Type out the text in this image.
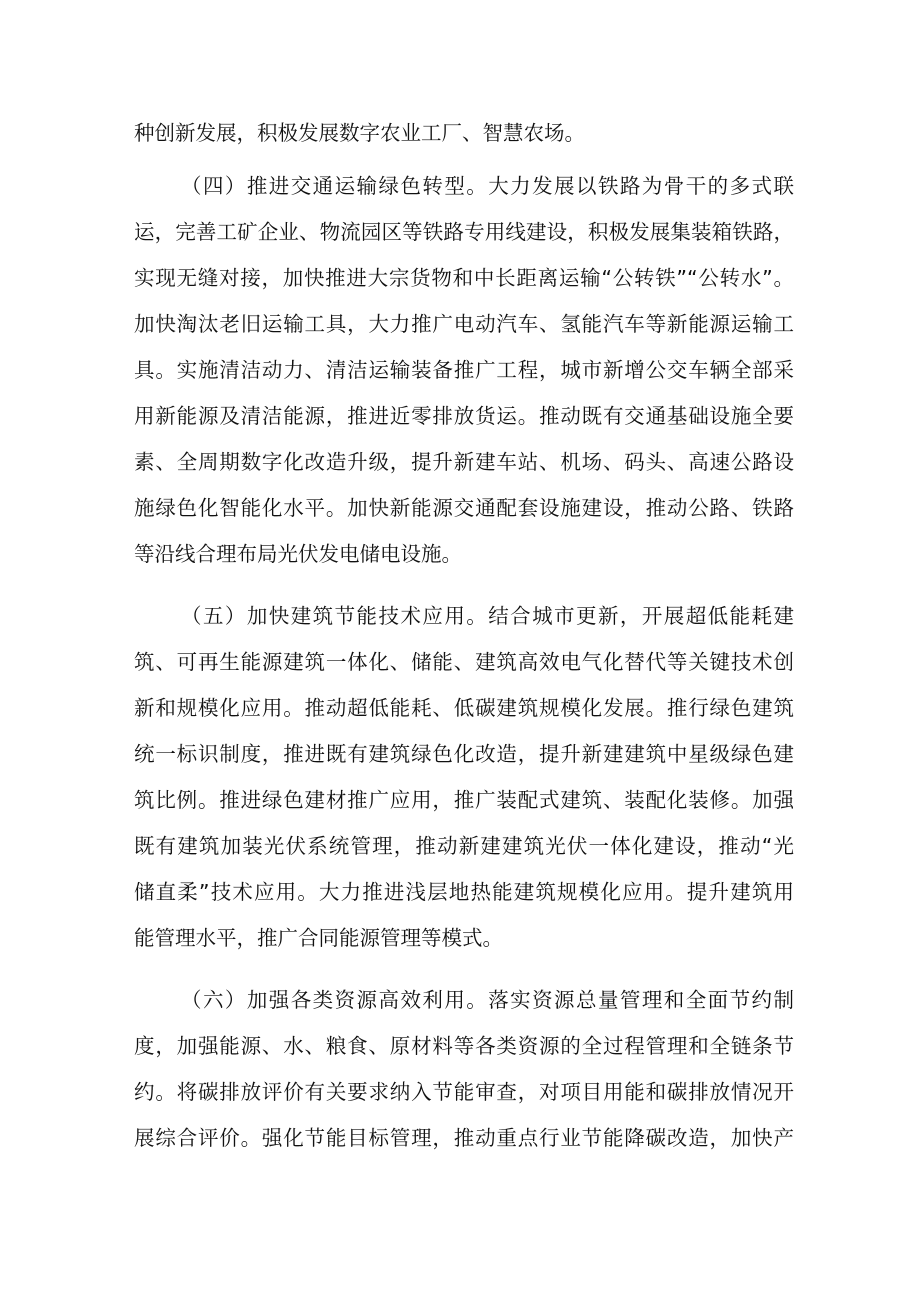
种创新发展，积极发展数字农业工厂、智慧农场。
（四）推进交通运输绿色转型。大力发展以铁路为骨干的多式联
运，完善工矿企业、物流园区等铁路专用线建设，积极发展集装箱铁路，
实现无缝对接，加快推进大宗货物和中长距离运输“公转铁”“公转水”。
加快淘汰老旧运输工具，大力推广电动汽车、氢能汽车等新能源运输工
具。实施清洁动力、清洁运输装备推广工程，城市新增公交车辆全部采
用新能源及清洁能源，推进近零排放货运。推动既有交通基础设施全要
素、全周期数字化改造升级，提升新建车站、机场、码头、高速公路设
施绿色化智能化水平。加快新能源交通配套设施建设，推动公路、铁路
等沿线合理布局光伏发电储电设施。
（五）加快建筑节能技术应用。结合城市更新，开展超低能耗建
筑、可再生能源建筑一体化、储能、建筑高效电气化替代等关键技术创
新和规模化应用。推动超低能耗、低碳建筑规模化发展。推行绿色建筑
统一标识制度，推进既有建筑绿色化改造，提升新建建筑中星级绿色建
筑比例。推进绿色建材推广应用，推广装配式建筑、装配化装修。加强
既有建筑加装光伏系统管理，推动新建建筑光伏一体化建设，推动“光
储直柔”技术应用。大力推进浅层地热能建筑规模化应用。提升建筑用
能管理水平，推广合同能源管理等模式。
（六）加强各类资源高效利用。落实资源总量管理和全面节约制
度，加强能源、水、粮食、原材料等各类资源的全过程管理和全链条节
约。将碳排放评价有关要求纳入节能审查，对项目用能和碳排放情况开
展综合评价。强化节能目标管理，推动重点行业节能降碳改造，加快产
